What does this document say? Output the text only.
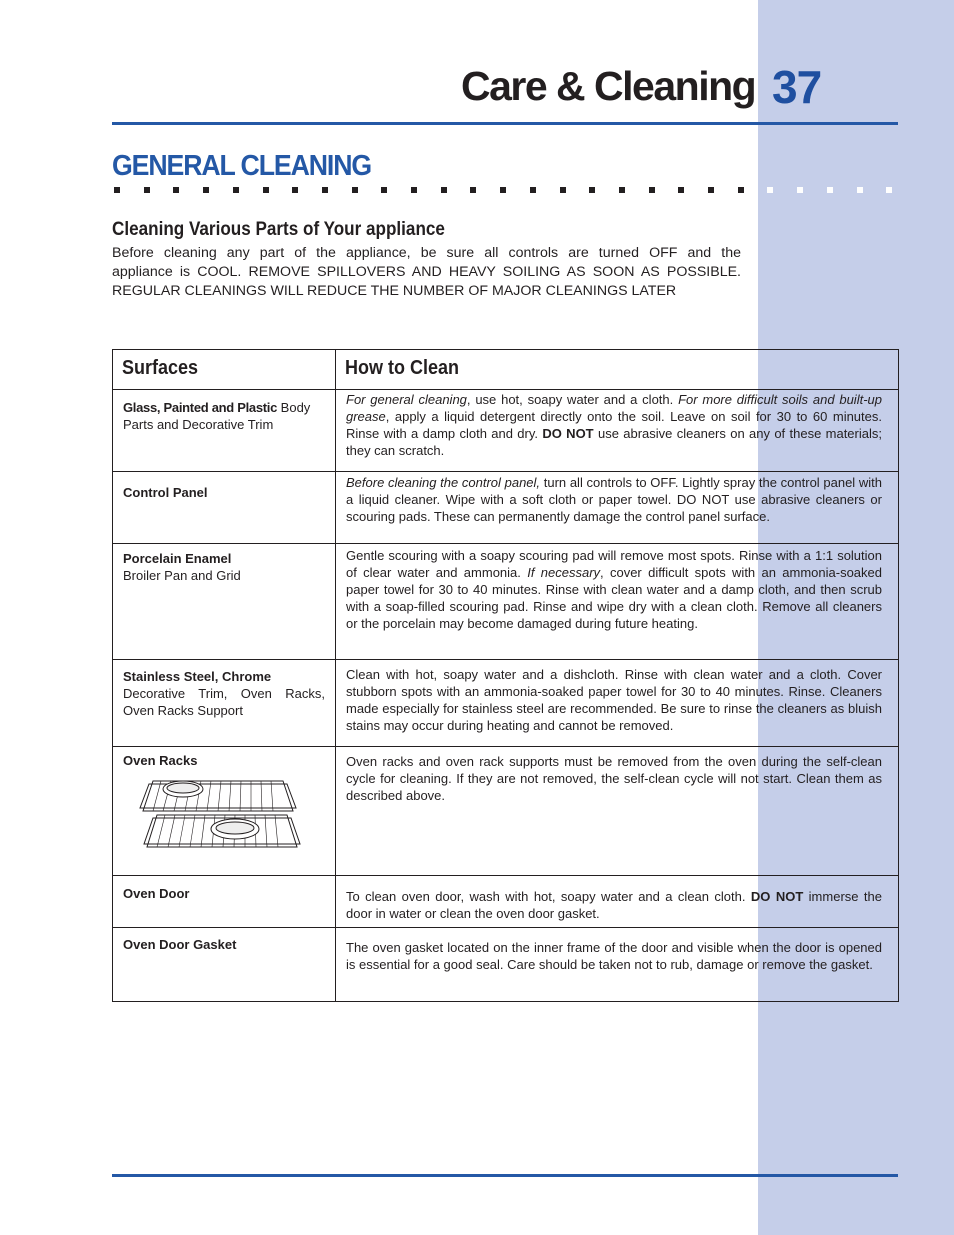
Care & Cleaning 37
GENERAL CLEANING
Cleaning Various Parts of Your appliance
Before cleaning any part of the appliance, be sure all controls are turned OFF and the
appliance is COOL. REMOVE SPILLOVERS AND HEAVY SOILING AS SOON AS POSSIBLE.
REGULAR CLEANINGS WILL REDUCE THE NUMBER OF MAJOR CLEANINGS LATER
Surfaces	How to Clean

Glass, Painted and Plastic Body Parts and Decorative Trim	For general cleaning, use hot, soapy water and a cloth. For more difficult soils and built-up grease, apply a liquid detergent directly onto the soil. Leave on soil for 30 to 60 minutes. Rinse with a damp cloth and dry. DO NOT use abrasive cleaners on any of these materials; they can scratch.

Control Panel	Before cleaning the control panel, turn all controls to OFF. Lightly spray the control panel with a liquid cleaner. Wipe with a soft cloth or paper towel. DO NOT use abrasive cleaners or scouring pads. These can permanently damage the control panel surface.

Porcelain Enamel
Broiler Pan and Grid	Gentle scouring with a soapy scouring pad will remove most spots. Rinse with a 1:1 solution of clear water and ammonia. If necessary, cover difficult spots with an ammonia-soaked paper towel for 30 to 40 minutes. Rinse with clean water and a damp cloth, and then scrub with a soap-filled scouring pad. Rinse and wipe dry with a clean cloth. Remove all cleaners or the porcelain may become damaged during future heating.

Stainless Steel, Chrome
Decorative Trim, Oven Racks, Oven Racks Support	Clean with hot, soapy water and a dishcloth. Rinse with clean water and a cloth. Cover stubborn spots with an ammonia-soaked paper towel for 30 to 40 minutes. Rinse. Cleaners made especially for stainless steel are recommended. Be sure to rinse the cleaners as bluish stains may occur during heating and cannot be removed.

Oven Racks	Oven racks and oven rack supports must be removed from the oven during the self-clean cycle for cleaning. If they are not removed, the self-clean cycle will not start. Clean them as described above.

Oven Door	To clean oven door, wash with hot, soapy water and a clean cloth. DO NOT immerse the door in water or clean the oven door gasket.

Oven Door Gasket	The oven gasket located on the inner frame of the door and visible when the door is opened is essential for a good seal. Care should be taken not to rub, damage or remove the gasket.
